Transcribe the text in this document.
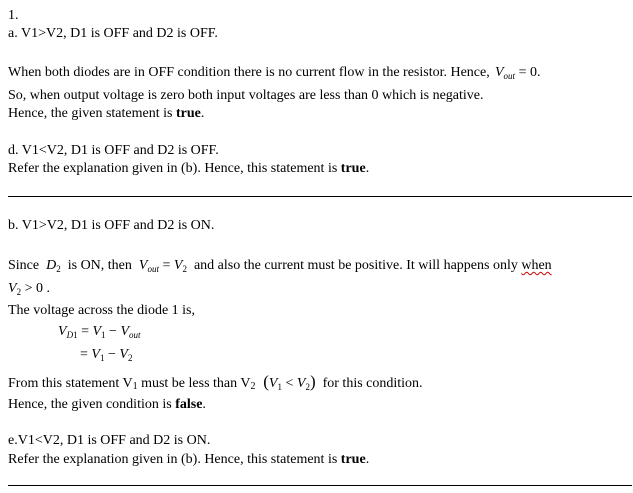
1.
a. V1>V2, D1 is OFF and D2 is OFF.
When both diodes are in OFF condition there is no current flow in the resistor. Hence, $V_{out} = 0$.
So, when output voltage is zero both input voltages are less than 0 which is negative.
Hence, the given statement is true.
d. V1<V2, D1 is OFF and D2 is OFF.
Refer the explanation given in (b). Hence, this statement is true.
b. V1>V2, D1 is OFF and D2 is ON.
Since  $D_2$ is ON, then  $V_{out} = V_2$ and also the current must be positive. It will happens only when
$V_2 > 0$ .
The voltage across the diode 1 is,
$V_{D1} = V_1 - V_{out}$
= $V_1 - V_2$
From this statement V1 must be less than V2  $(V_1 < V_2)$ for this condition.
Hence, the given condition is false.
e.V1<V2, D1 is OFF and D2 is ON.
Refer the explanation given in (b). Hence, this statement is true.
